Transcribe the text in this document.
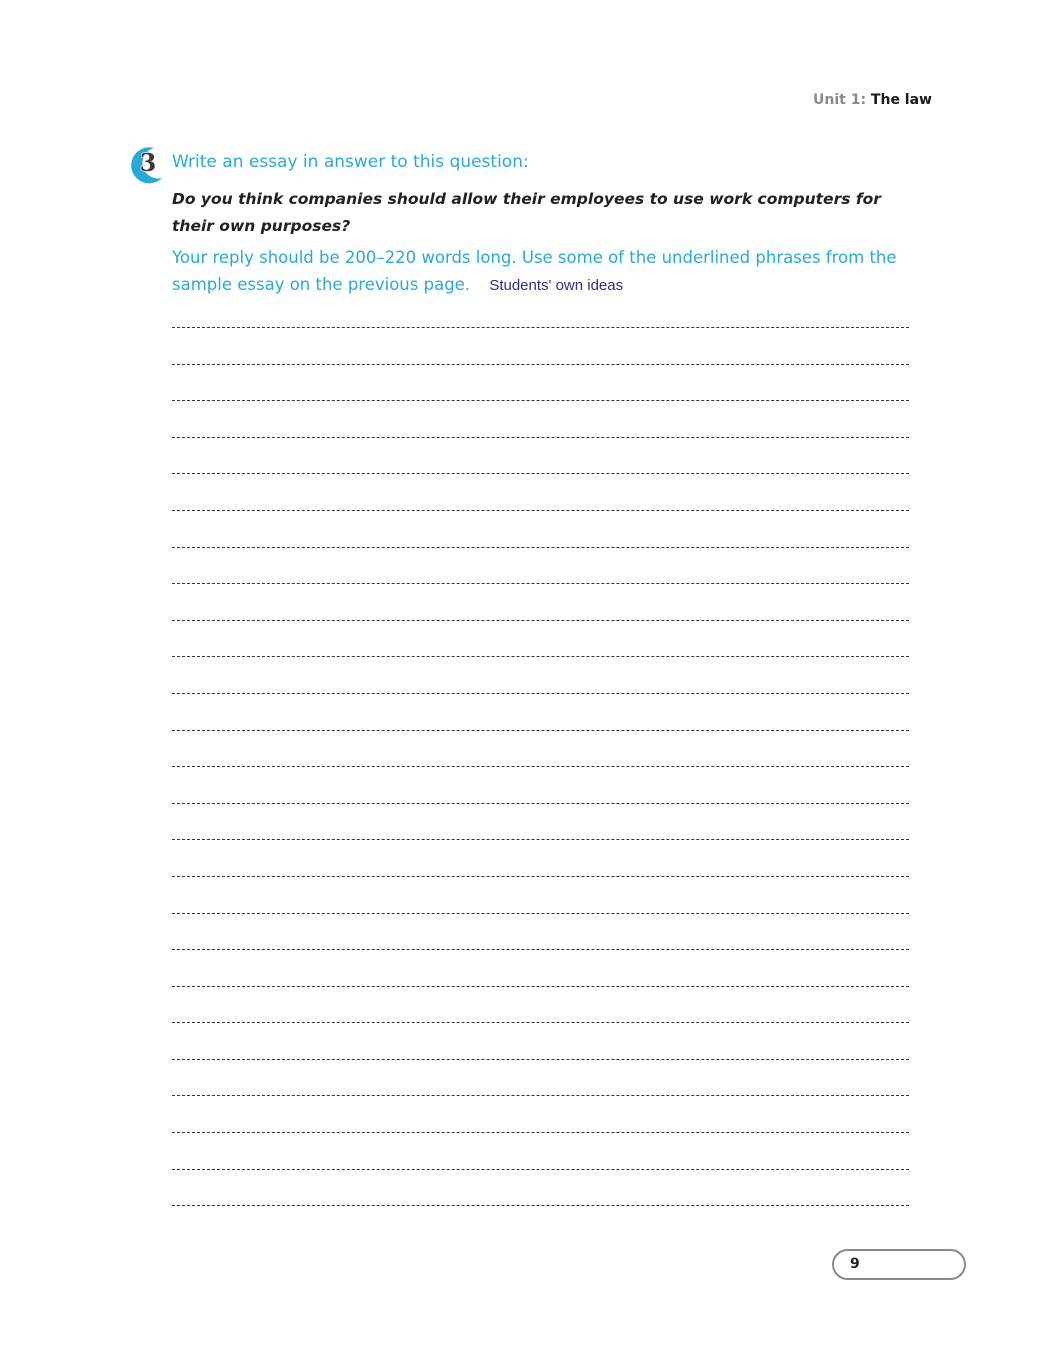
Unit 1: The law
3 Write an essay in answer to this question:
Do you think companies should allow their employees to use work computers for their own purposes?
Your reply should be 200–220 words long. Use some of the underlined phrases from the sample essay on the previous page. Students' own ideas
9
